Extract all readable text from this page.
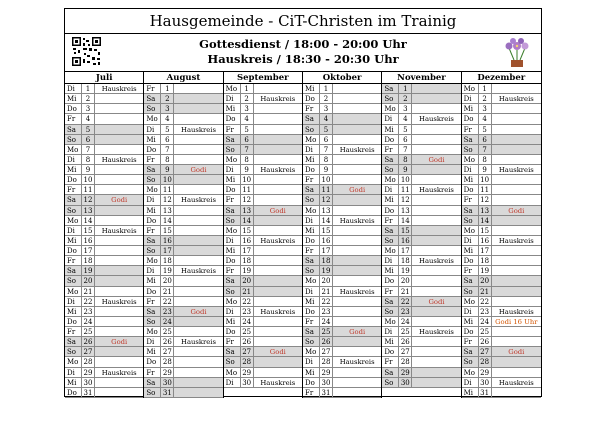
Hausgemeinde - CiT-Christen im Trainig
Gottesdienst / 18:00 - 20:00 Uhr
Hauskreis / 18:30 - 20:30 Uhr
Juli
Di	1	Hauskreis
Mi	2
Do	3
Fr	4
Sa	5
So	6
Mo	7
Di	8	Hauskreis
Mi	9
Do 10
Fr	11
Sa	12	Godi
So	13
Mo 14
Di	15	Hauskreis
Mi	16
Do 17
Fr	18
Sa	19
So	20
Mo 21
Di	22	Hauskreis
Mi	23
Do 24
Fr	25
Sa	26	Godi
So	27
Mo 28
Di	29	Hauskreis
Mi	30
Do 31
August
Fr	1
Sa	2
So	3
Mo	4
Di	5	Hauskreis
Mi	6
Do	7
Fr	8
Sa	9	Godi
So	10
Mo 11
Di	12	Hauskreis
Mi	13
Do 14
Fr	15
Sa	16
So	17
Mo 18
Di	19	Hauskreis
Mi	20
Do 21
Fr	22
Sa	23	Godi
So	24
Mo 25
Di	26	Hauskreis
Mi	27
Do 28
Fr	29
Sa	30
So	31
September
Mo	1
Di	2	Hauskreis
Mi	3
Do	4
Fr	5
Sa	6
So	7
Mo	8
Di	9	Hauskreis
Mi	10
Do 11
Fr	12
Sa	13	Godi
So	14
Mo 15
Di	16	Hauskreis
Mi	17
Do 18
Fr	19
Sa	20
So	21
Mo 22
Di	23	Hauskreis
Mi	24
Do 25
Fr	26
Sa	27	Godi
So	28
Mo 29
Di	30	Hauskreis
Oktober
Mi	1
Do	2
Fr	3
Sa	4
So	5
Mo	6
Di	7	Hauskreis
Mi	8
Do	9
Fr	10
Sa	11	Godi
So	12
Mo 13
Di	14	Hauskreis
Mi	15
Do 16
Fr	17
Sa	18
So	19
Mo 20
Di	21	Hauskreis
Mi	22
Do 23
Fr	24
Sa	25	Godi
So	26
Mo 27
Di	28	Hauskreis
Mi	29
Do 30
Fr	31
November
Sa	1
So	2
Mo	3
Di	4	Hauskreis
Mi	5
Do	6
Fr	7
Sa	8	Godi
So	9
Mo 10
Di	11	Hauskreis
Mi	12
Do 13
Fr	14
Sa	15
So	16
Mo 17
Di	18	Hauskreis
Mi	19
Do 20
Fr	21
Sa	22	Godi
So	23
Mo 24
Di	25	Hauskreis
Mi	26
Do 27
Fr	28
Sa	29
So	30
Dezember
Mo	1
Di	2	Hauskreis
Mi	3
Do	4
Fr	5
Sa	6
So	7
Mo	8
Di	9	Hauskreis
Mi	10
Do 11
Fr	12
Sa	13	Godi
So	14
Mo 15
Di	16	Hauskreis
Mi	17
Do 18
Fr	19
Sa	20
So	21
Mo 22
Di	23	Hauskreis
Mi	24 Godi 16 Uhr
Do 25
Fr	26
Sa	27	Godi
So	28
Mo 29
Di	30	Hauskreis
Mi	31
